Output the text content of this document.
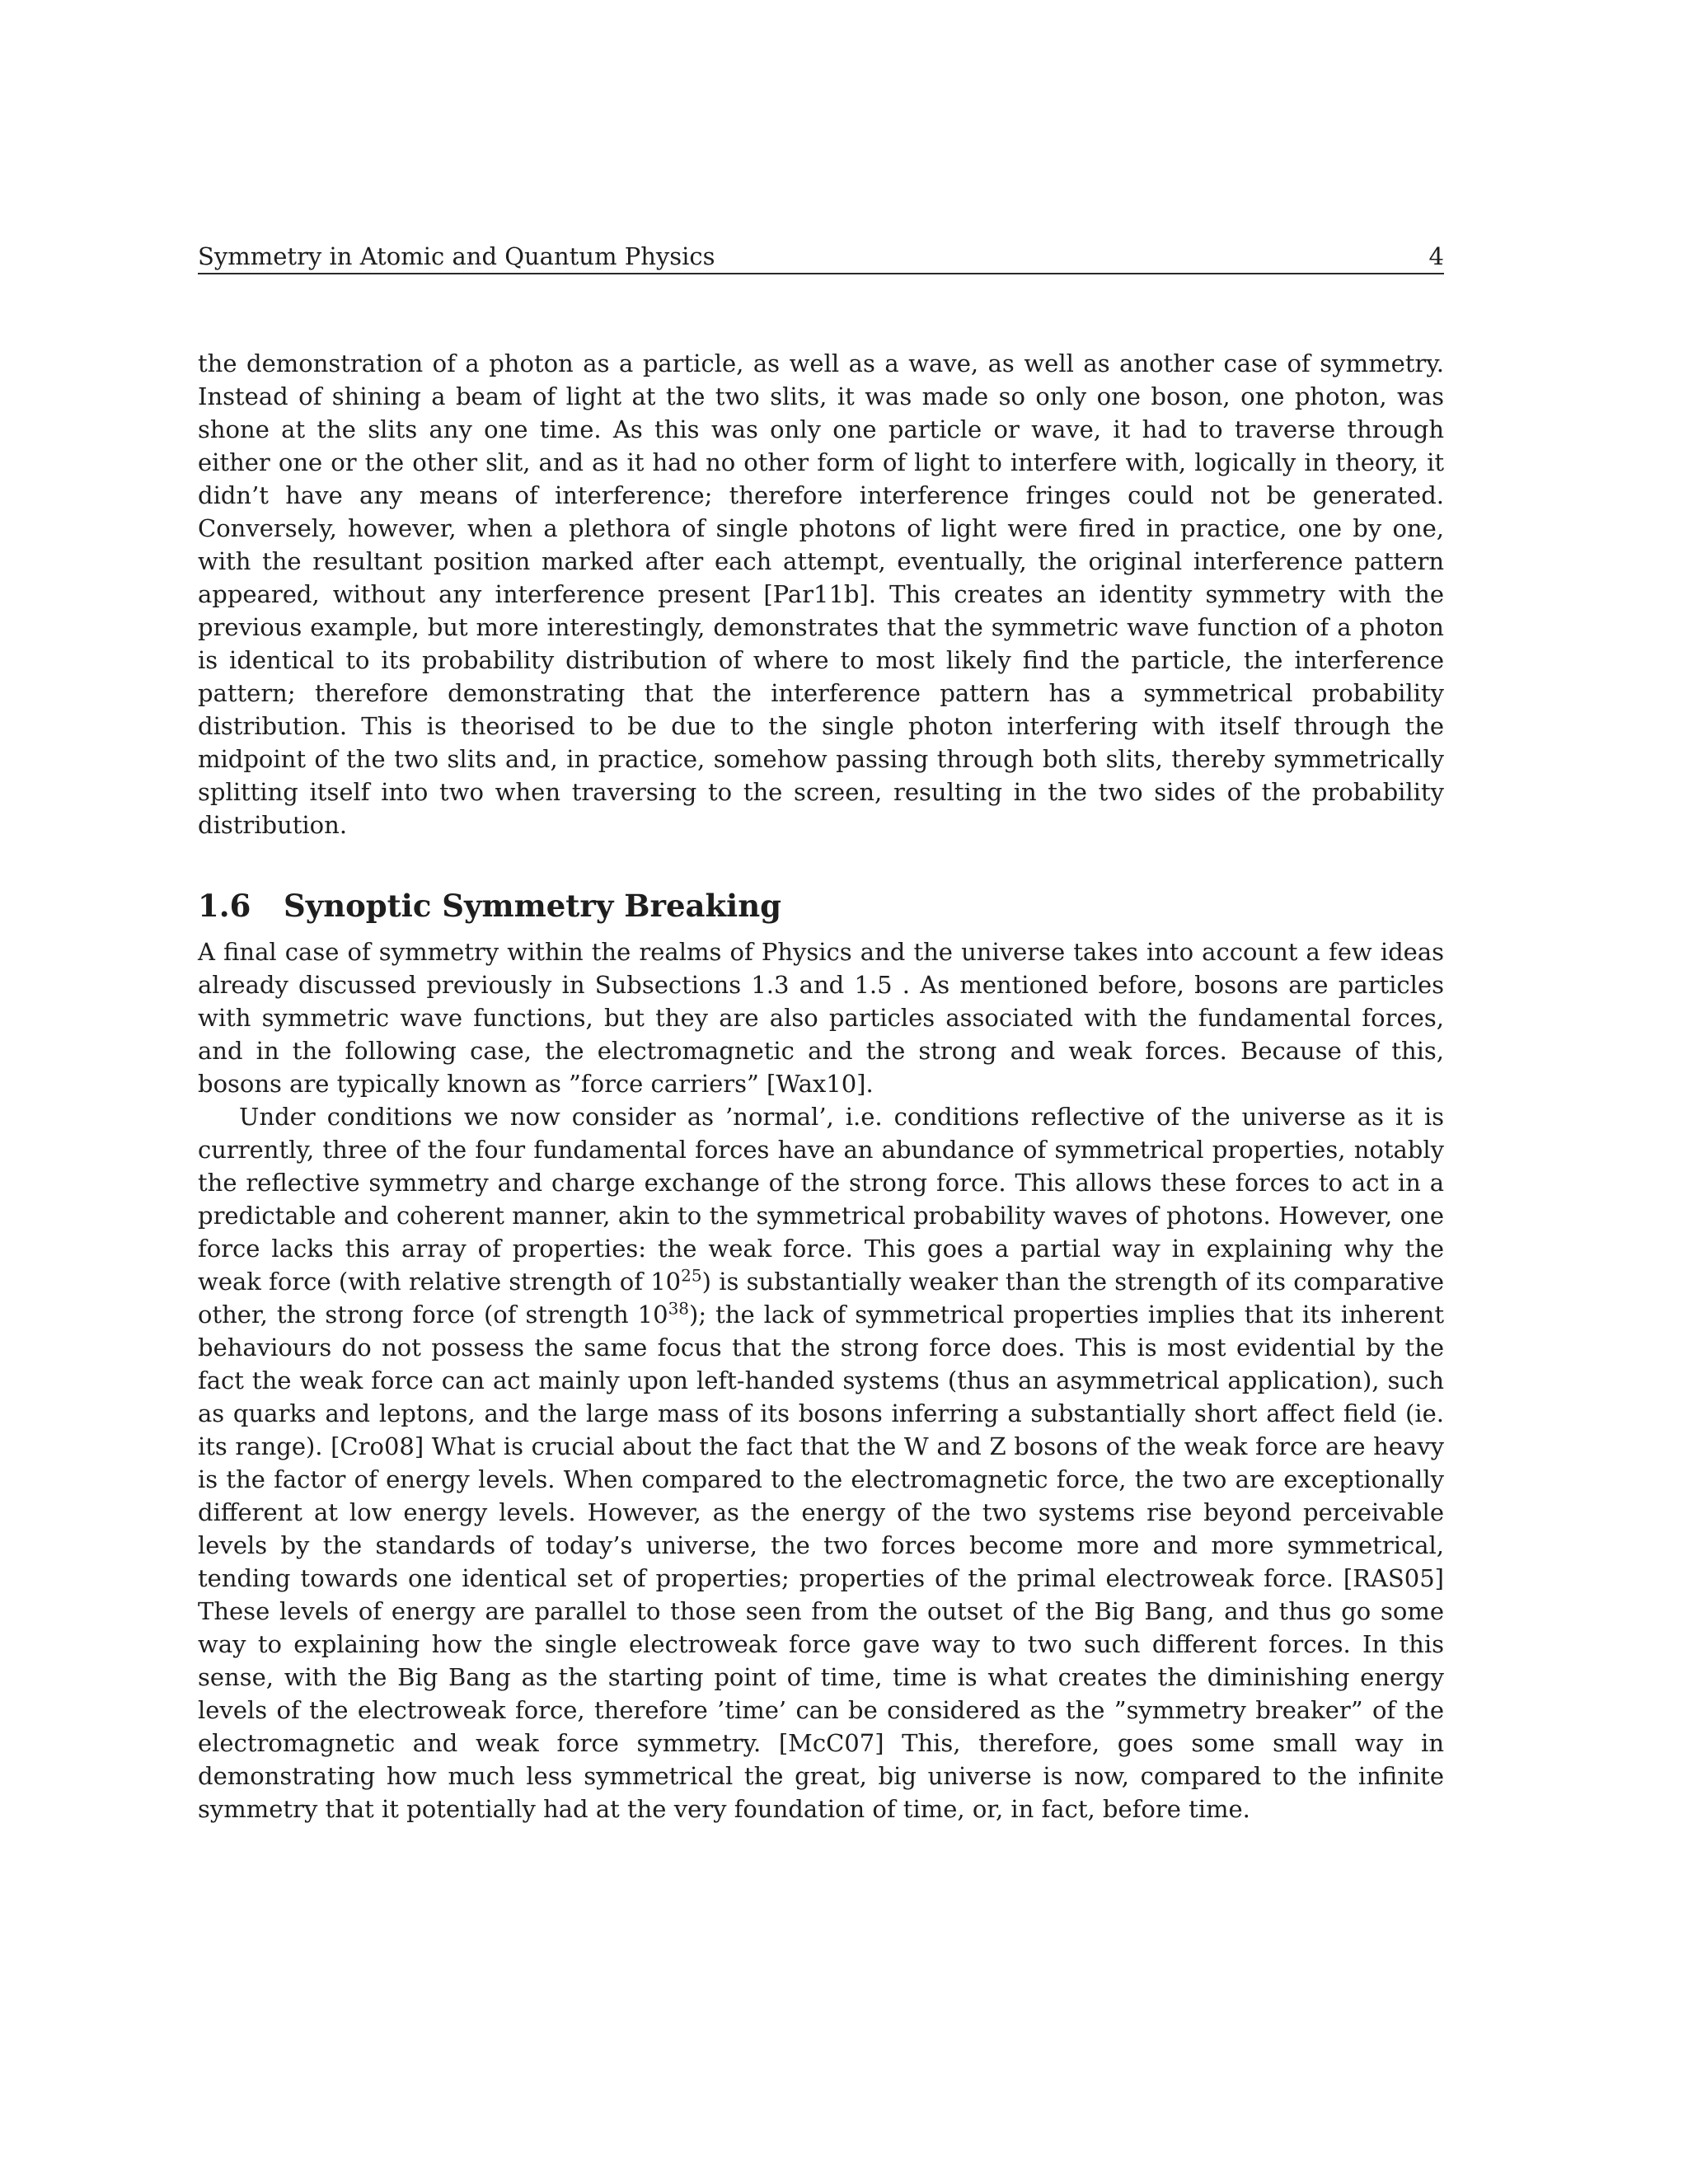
Symmetry in Atomic and Quantum Physics	4

the demonstration of a photon as a particle, as well as a wave, as well as another case of symmetry. Instead of shining a beam of light at the two slits, it was made so only one boson, one photon, was shone at the slits any one time. As this was only one particle or wave, it had to traverse through either one or the other slit, and as it had no other form of light to interfere with, logically in theory, it didn’t have any means of interference; therefore interference fringes could not be generated. Conversely, however, when a plethora of single photons of light were fired in practice, one by one, with the resultant position marked after each attempt, eventually, the original interference pattern appeared, without any interference present [Par11b]. This creates an identity symmetry with the previous example, but more interestingly, demonstrates that the symmetric wave function of a photon is identical to its probability distribution of where to most likely find the particle, the interference pattern; therefore demonstrating that the interference pattern has a symmetrical probability distribution. This is theorised to be due to the single photon interfering with itself through the midpoint of the two slits and, in practice, somehow passing through both slits, thereby symmetrically splitting itself into two when traversing to the screen, resulting in the two sides of the probability distribution.

1.6 Synoptic Symmetry Breaking

A final case of symmetry within the realms of Physics and the universe takes into account a few ideas already discussed previously in Subsections 1.3 and 1.5 . As mentioned before, bosons are particles with symmetric wave functions, but they are also particles associated with the fundamental forces, and in the following case, the electromagnetic and the strong and weak forces. Because of this, bosons are typically known as ”force carriers” [Wax10].

Under conditions we now consider as ’normal’, i.e. conditions reflective of the universe as it is currently, three of the four fundamental forces have an abundance of symmetrical properties, notably the reflective symmetry and charge exchange of the strong force. This allows these forces to act in a predictable and coherent manner, akin to the symmetrical probability waves of photons. However, one force lacks this array of properties: the weak force. This goes a partial way in explaining why the weak force (with relative strength of $10^{25}$) is substantially weaker than the strength of its comparative other, the strong force (of strength $10^{38}$); the lack of symmetrical properties implies that its inherent behaviours do not possess the same focus that the strong force does. This is most evidential by the fact the weak force can act mainly upon left-handed systems (thus an asymmetrical application), such as quarks and leptons, and the large mass of its bosons inferring a substantially short affect field (ie. its range). [Cro08] What is crucial about the fact that the W and Z bosons of the weak force are heavy is the factor of energy levels. When compared to the electromagnetic force, the two are exceptionally different at low energy levels. However, as the energy of the two systems rise beyond perceivable levels by the standards of today’s universe, the two forces become more and more symmetrical, tending towards one identical set of properties; properties of the primal electroweak force. [RAS05] These levels of energy are parallel to those seen from the outset of the Big Bang, and thus go some way to explaining how the single electroweak force gave way to two such different forces. In this sense, with the Big Bang as the starting point of time, time is what creates the diminishing energy levels of the electroweak force, therefore ’time’ can be considered as the ”symmetry breaker” of the electromagnetic and weak force symmetry. [McC07] This, therefore, goes some small way in demonstrating how much less symmetrical the great, big universe is now, compared to the infinite symmetry that it potentially had at the very foundation of time, or, in fact, before time.
